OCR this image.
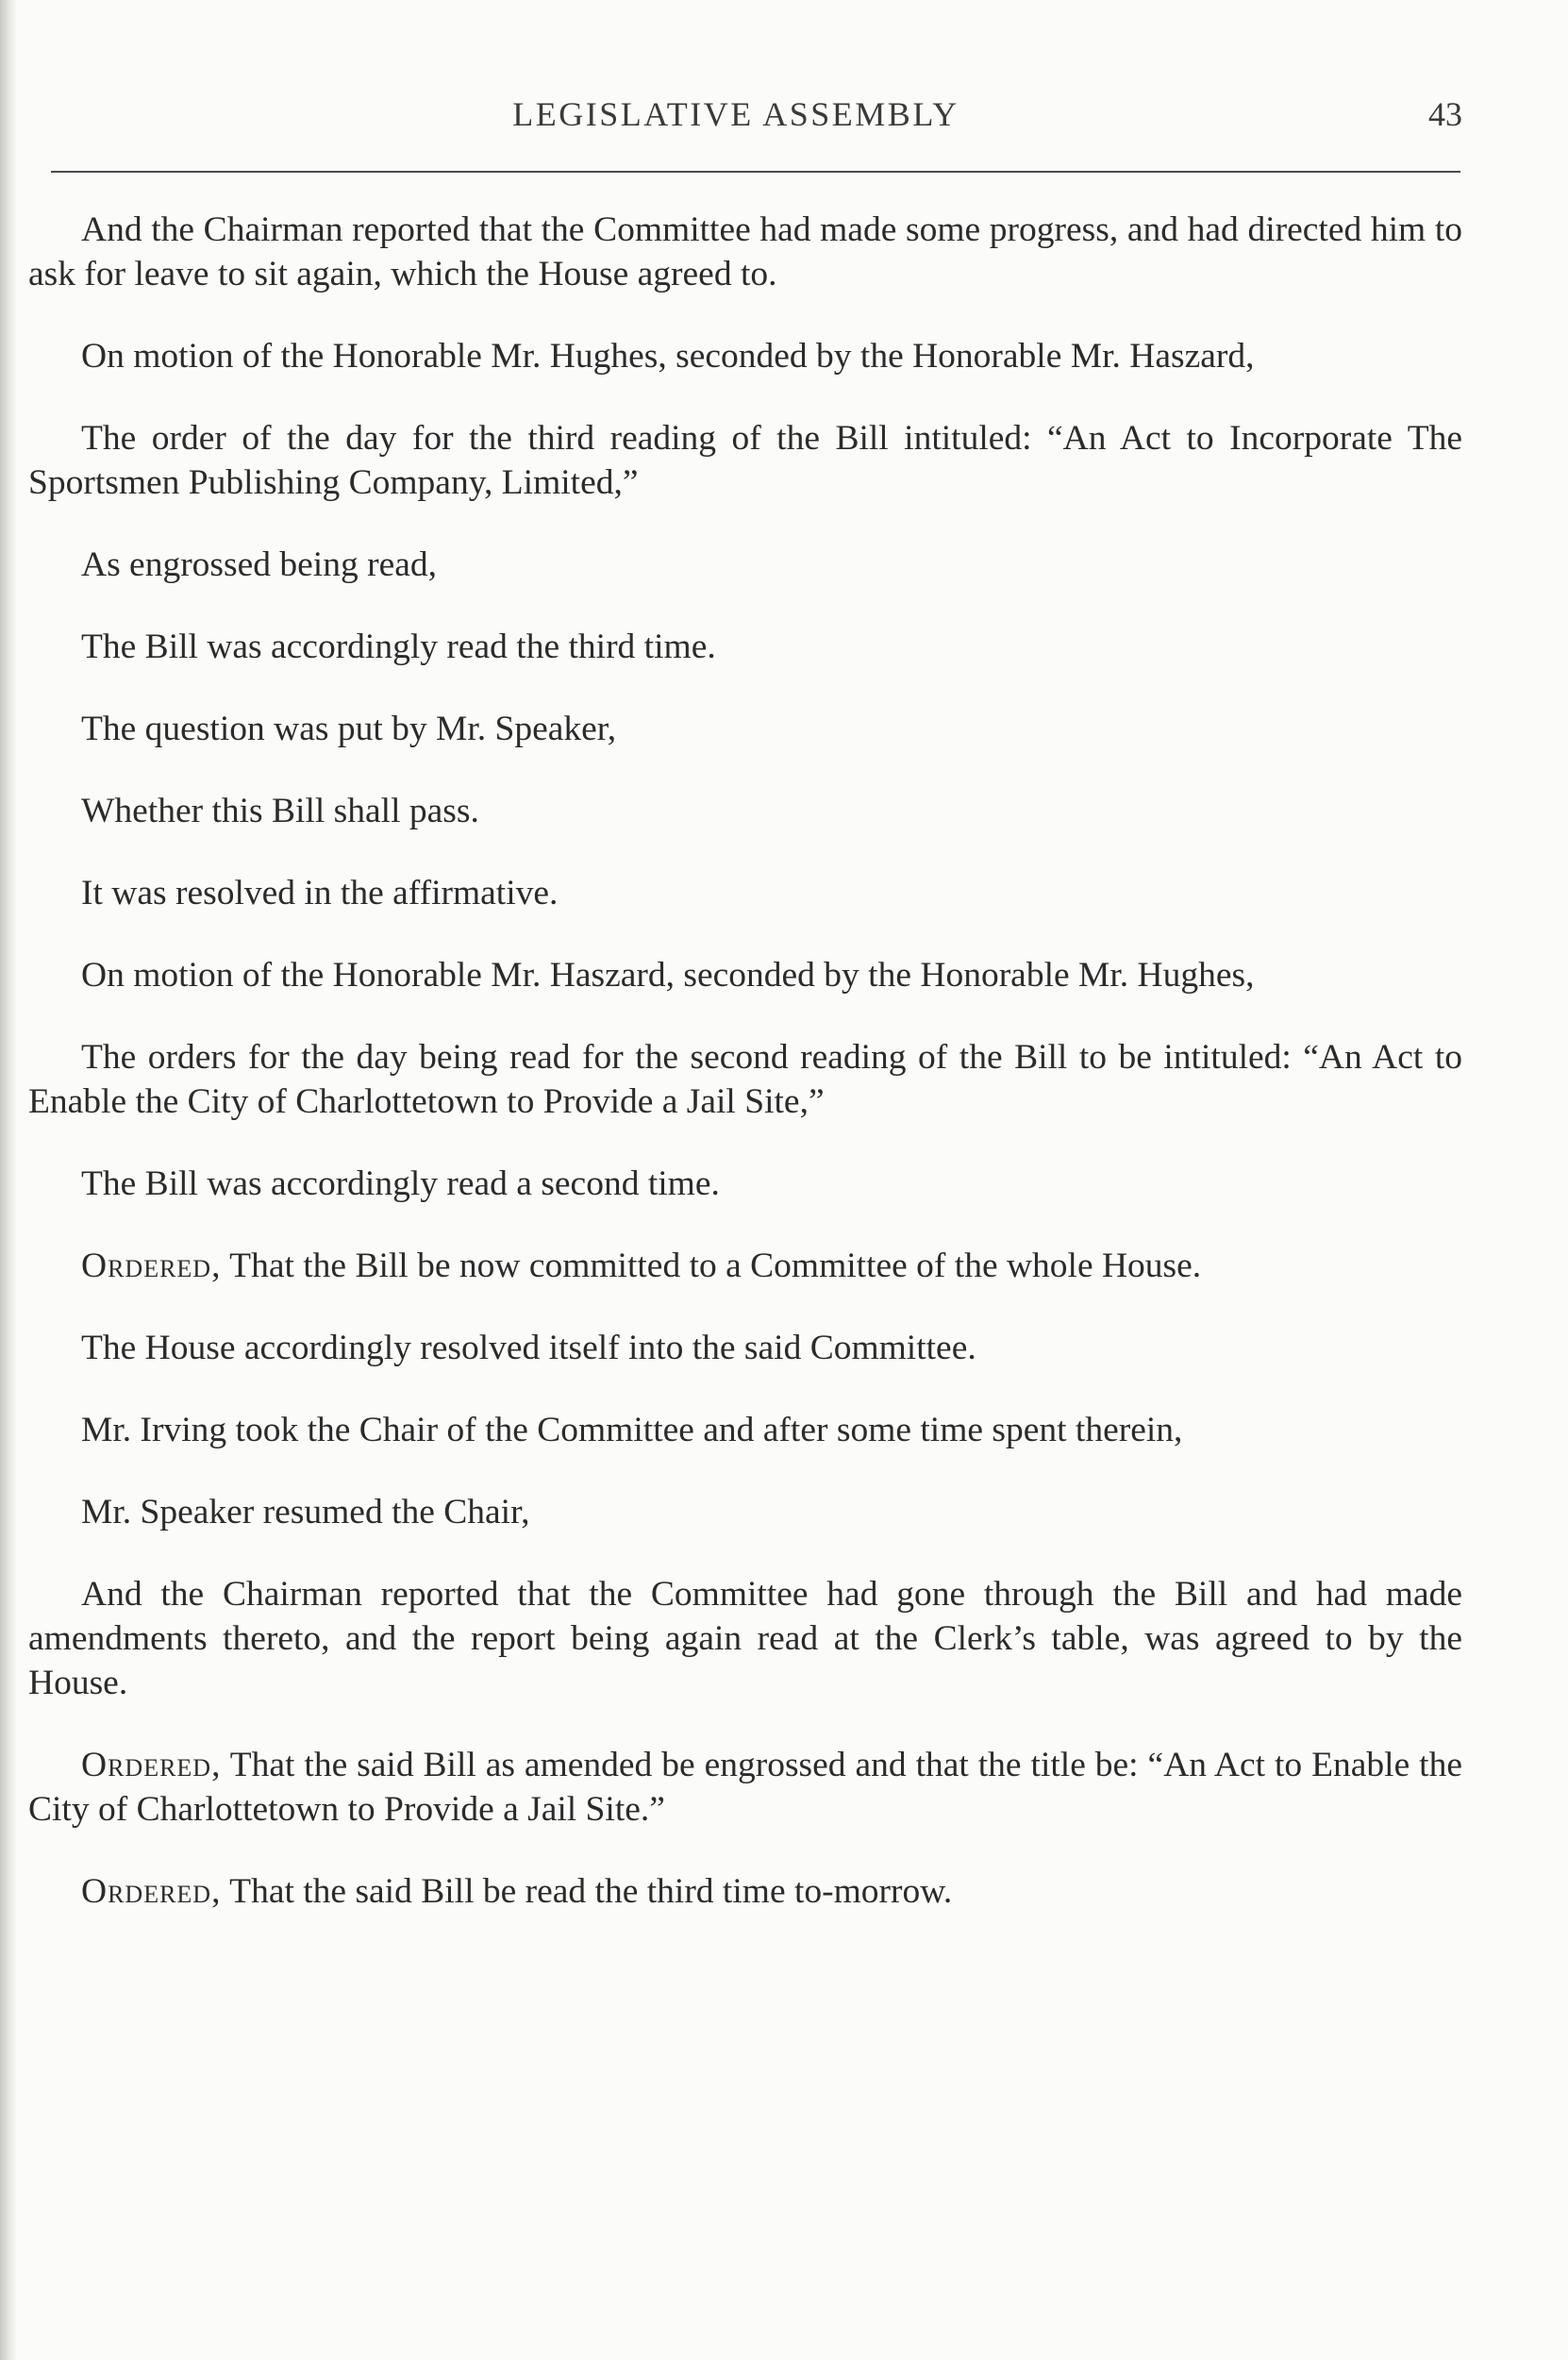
LEGISLATIVE ASSEMBLY	43

And the Chairman reported that the Committee had made some progress, and had directed him to ask for leave to sit again, which the House agreed to.

On motion of the Honorable Mr. Hughes, seconded by the Honorable Mr. Haszard,

The order of the day for the third reading of the Bill intituled: “An Act to Incorporate The Sportsmen Publishing Company, Limited,”

As engrossed being read,

The Bill was accordingly read the third time.

The question was put by Mr. Speaker,

Whether this Bill shall pass.

It was resolved in the affirmative.

On motion of the Honorable Mr. Haszard, seconded by the Honorable Mr. Hughes,

The orders for the day being read for the second reading of the Bill to be intituled: “An Act to Enable the City of Charlottetown to Provide a Jail Site,”

The Bill was accordingly read a second time.

Ordered, That the Bill be now committed to a Committee of the whole House.

The House accordingly resolved itself into the said Committee.

Mr. Irving took the Chair of the Committee and after some time spent therein,

Mr. Speaker resumed the Chair,

And the Chairman reported that the Committee had gone through the Bill and had made amendments thereto, and the report being again read at the Clerk’s table, was agreed to by the House.

Ordered, That the said Bill as amended be engrossed and that the title be: “An Act to Enable the City of Charlottetown to Provide a Jail Site.”

Ordered, That the said Bill be read the third time to-morrow.
